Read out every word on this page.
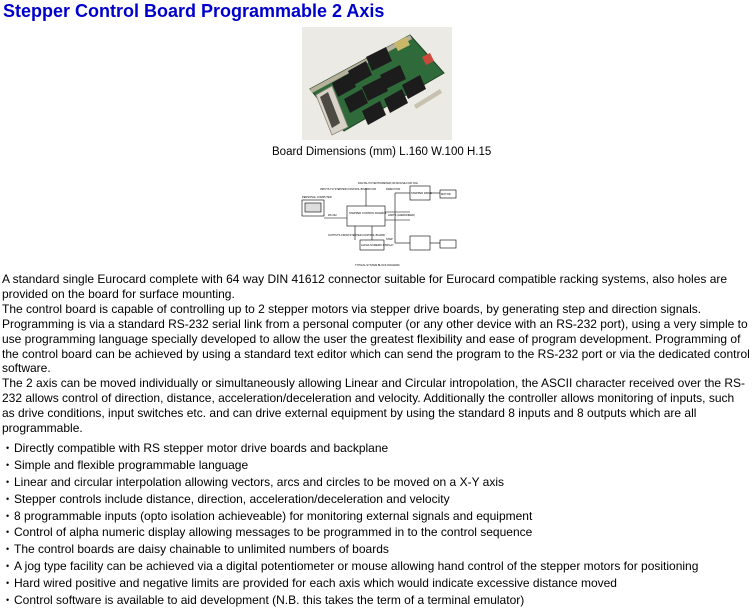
Stepper Control Board Programmable 2 Axis
Board Dimensions (mm) L.160 W.100 H.15
PERSONAL COMPUTER
RS 232
INPUTS TO STEPPER CONTROL BOARD FOR
DIGITAL POTENTIOMETER OR MOUSE FOR JOG
STEPPER CONTROL BOARD 1
DIRECTION
STEP
STEPPER DRIVE	MOTOR
LIMITS (HARDWIRED)
OUTPUTS FROM STEPPER CONTROL BOARD
ALPHA NUMERIC DISPLAY
TYPICAL SYSTEM BLOCK DIAGRAM

A standard single Eurocard complete with 64 way DIN 41612 connector suitable for Eurocard compatible racking systems, also holes are provided on the board for surface mounting.
The control board is capable of controlling up to 2 stepper motors via stepper drive boards, by generating step and direction signals. Programming is via a standard RS-232 serial link from a personal computer (or any other device with an RS-232 port), using a very simple to use programming language specially developed to allow the user the greatest flexibility and ease of program development. Programming of the control board can be achieved by using a standard text editor which can send the program to the RS-232 port or via the dedicated control software.
The 2 axis can be moved individually or simultaneously allowing Linear and Circular intropolation, the ASCII character received over the RS-232 allows control of direction, distance, acceleration/deceleration and velocity. Additionally the controller allows monitoring of inputs, such as drive conditions, input switches etc. and can drive external equipment by using the standard 8 inputs and 8 outputs which are all programmable.

• Directly compatible with RS stepper motor drive boards and backplane
• Simple and flexible programmable language
• Linear and circular interpolation allowing vectors, arcs and circles to be moved on a X-Y axis
• Stepper controls include distance, direction, acceleration/deceleration and velocity
• 8 programmable inputs (opto isolation achieveable) for monitoring external signals and equipment
• Control of alpha numeric display allowing messages to be programmed in to the control sequence
• The control boards are daisy chainable to unlimited numbers of boards
• A jog type facility can be achieved via a digital potentiometer or mouse allowing hand control of the stepper motors for positioning
• Hard wired positive and negative limits are provided for each axis which would indicate excessive distance moved
• Control software is available to aid development (N.B. this takes the term of a terminal emulator)
